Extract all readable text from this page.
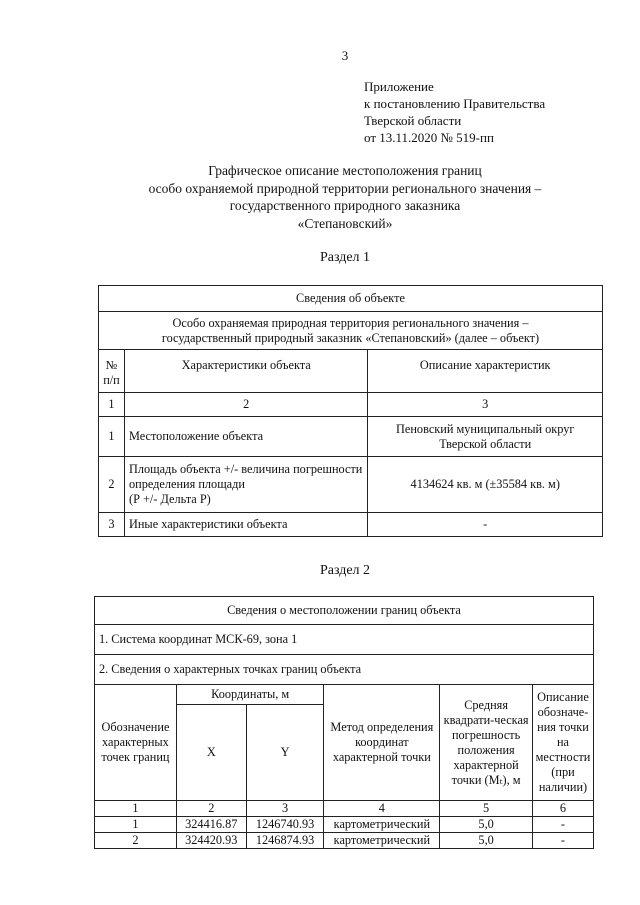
3
Приложение
к постановлению Правительства
Тверской области
от 13.11.2020 № 519-пп
Графическое описание местоположения границ
особо охраняемой природной территории регионального значения –
государственного природного заказника
«Степановский»
Раздел 1
Сведения об объекте		

Особо охраняемая природная территория регионального значения –
государственный природный заказник «Степановский» (далее – объект)		

№ п/п	Характеристики объекта	Описание характеристик
1	2	3
1	Местоположение объекта	Пеновский муниципальный округ
Тверской области

2	Площадь объекта +/- величина погрешности
определения площади
(Р +/- Дельта Р)	4134624 кв. м (±35584 кв. м)
3	Иные характеристики объекта	-
Раздел 2
Сведения о местоположении границ объекта					
1. Система координат МСК-69, зона 1					
2. Сведения о характерных точках границ объекта					
Обозначение характерных точек границ	Координаты, м		Метод определения координат характерной точки	Средняя квадрати-ческая погрешность положения характерной точки (Mₜ), м	Описание обозначе-ния точки на местности (при наличии)
	X	Y			
1	2	3	4	5	6
1	324416.87	1246740.93	картометрический	5,0	-
2	324420.93	1246874.93	картометрический	5,0	-
